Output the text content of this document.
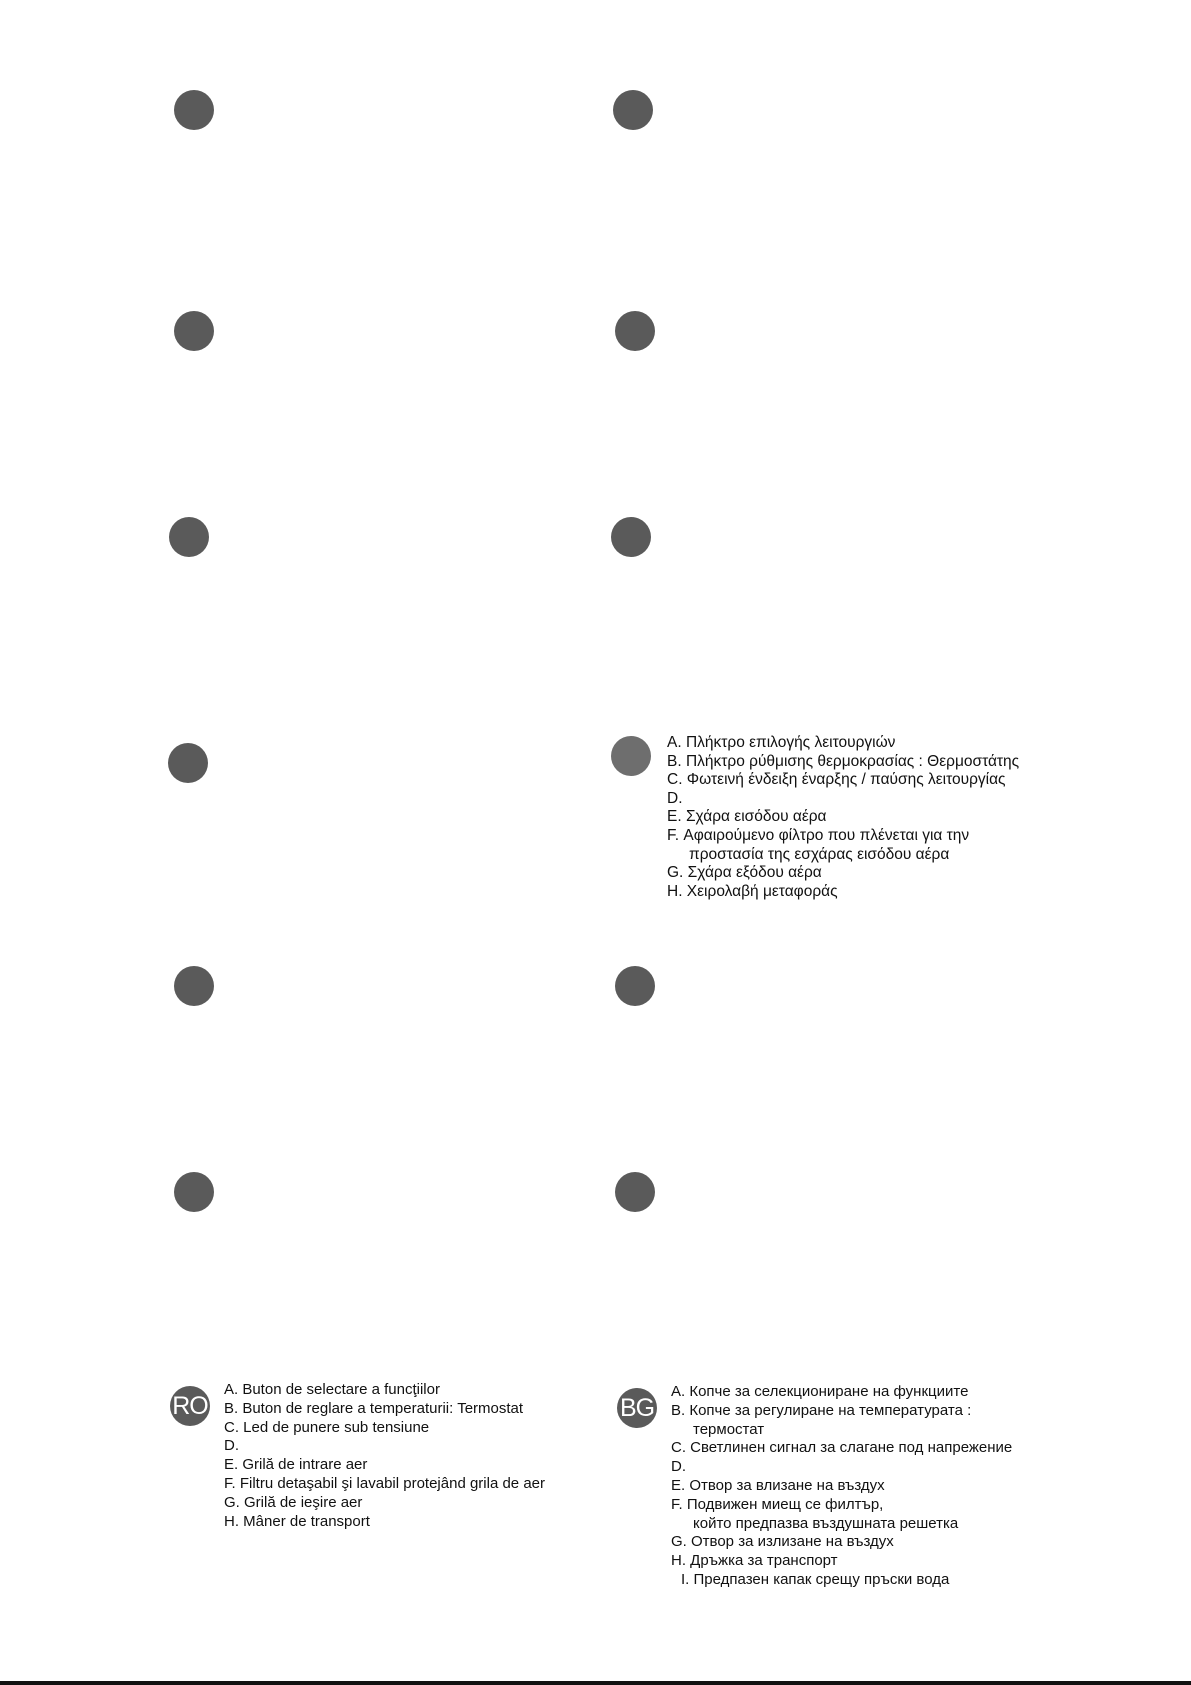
A. Πλήκτρο επιλογής λειτουργιών
B. Πλήκτρο ρύθμισης θερμοκρασίας : Θερμοστάτης
C. Φωτεινή ένδειξη έναρξης / παύσης λειτουργίας
D.
E. Σχάρα εισόδου αέρα
F. Αφαιρούμενο φίλτρο που πλένεται για την
προστασία της εσχάρας εισόδου αέρα
G. Σχάρα εξόδου αέρα
H. Χειρολαβή μεταφοράς
RO
A. Buton de selectare a funcţiilor
B. Buton de reglare a temperaturii: Termostat
C. Led de punere sub tensiune
D.
E. Grilă de intrare aer
F. Filtru detaşabil şi lavabil protejând grila de aer
G. Grilă de ieşire aer
H. Mâner de transport
BG
A. Копче за селекциониране на функциите
B. Копче за регулиране на температурата :
термостат
C. Светлинен сигнал за слагане под напрежение
D.
E. Отвор за влизане на въздух
F. Подвижен миещ се филтър,
който предпазва въздушната решетка
G. Отвор за излизане на въздух
H. Дръжка за транспорт
I. Предпазен капак срещу пръски вода
